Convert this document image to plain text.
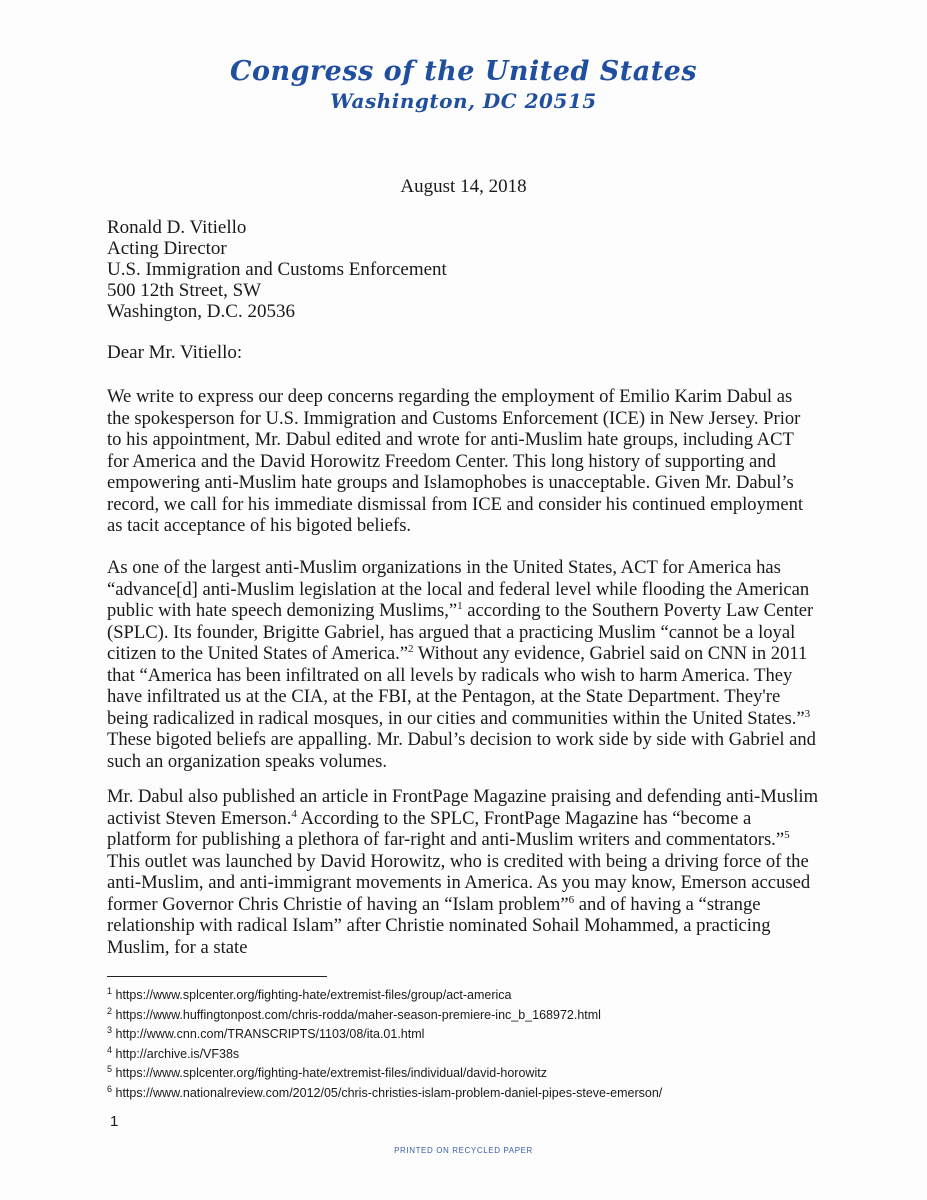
Congress of the United States
Washington, DC 20515
August 14, 2018
Ronald D. Vitiello
Acting Director
U.S. Immigration and Customs Enforcement
500 12th Street, SW
Washington, D.C. 20536
Dear Mr. Vitiello:
We write to express our deep concerns regarding the employment of Emilio Karim Dabul as the spokesperson for U.S. Immigration and Customs Enforcement (ICE) in New Jersey. Prior to his appointment, Mr. Dabul edited and wrote for anti-Muslim hate groups, including ACT for America and the David Horowitz Freedom Center. This long history of supporting and empowering anti-Muslim hate groups and Islamophobes is unacceptable. Given Mr. Dabul’s record, we call for his immediate dismissal from ICE and consider his continued employment as tacit acceptance of his bigoted beliefs.
As one of the largest anti-Muslim organizations in the United States, ACT for America has “advance[d] anti-Muslim legislation at the local and federal level while flooding the American public with hate speech demonizing Muslims,”$^1$ according to the Southern Poverty Law Center (SPLC). Its founder, Brigitte Gabriel, has argued that a practicing Muslim “cannot be a loyal citizen to the United States of America.”$^2$ Without any evidence, Gabriel said on CNN in 2011 that “America has been infiltrated on all levels by radicals who wish to harm America. They have infiltrated us at the CIA, at the FBI, at the Pentagon, at the State Department. They're being radicalized in radical mosques, in our cities and communities within the United States.”$^3$ These bigoted beliefs are appalling. Mr. Dabul’s decision to work side by side with Gabriel and such an organization speaks volumes.
Mr. Dabul also published an article in FrontPage Magazine praising and defending anti-Muslim activist Steven Emerson.$^4$ According to the SPLC, FrontPage Magazine has “become a platform for publishing a plethora of far-right and anti-Muslim writers and commentators.”$^5$ This outlet was launched by David Horowitz, who is credited with being a driving force of the anti-Muslim, and anti-immigrant movements in America. As you may know, Emerson accused former Governor Chris Christie of having an “Islam problem”$^6$ and of having a “strange relationship with radical Islam” after Christie nominated Sohail Mohammed, a practicing Muslim, for a state
$^1$ https://www.splcenter.org/fighting-hate/extremist-files/group/act-america
$^2$ https://www.huffingtonpost.com/chris-rodda/maher-season-premiere-inc_b_168972.html
$^3$ http://www.cnn.com/TRANSCRIPTS/1103/08/ita.01.html
$^4$ http://archive.is/VF38s
$^5$ https://www.splcenter.org/fighting-hate/extremist-files/individual/david-horowitz
$^6$ https://www.nationalreview.com/2012/05/chris-christies-islam-problem-daniel-pipes-steve-emerson/
1
PRINTED ON RECYCLED PAPER
